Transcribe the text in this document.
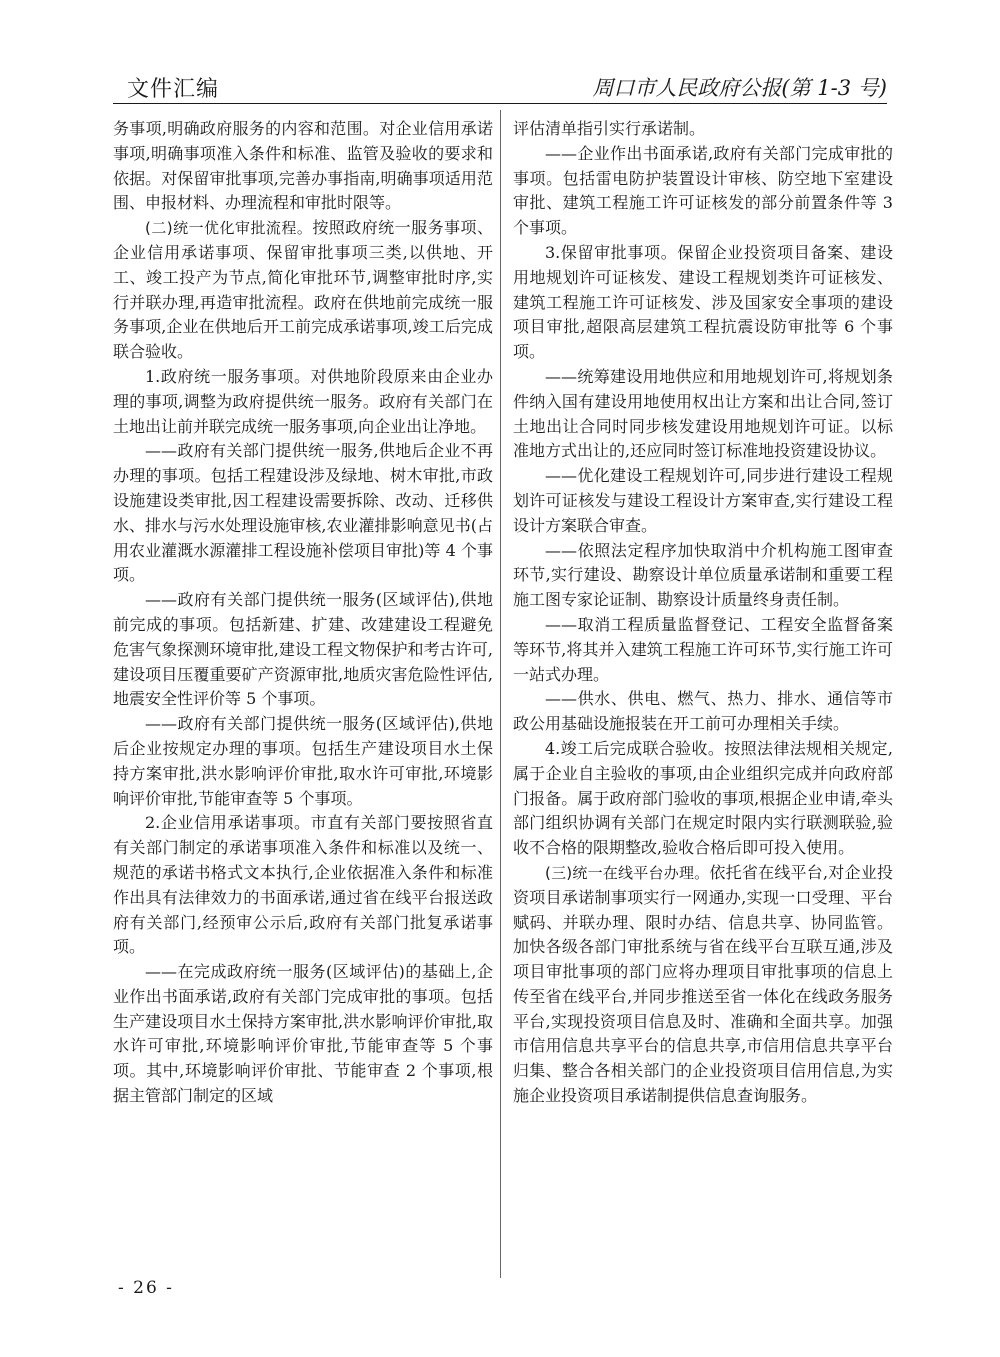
文件汇编	周口市人民政府公报(第 1-3 号)

务事项,明确政府服务的内容和范围。对企业信用承诺事项,明确事项准入条件和标准、监管及验收的要求和依据。对保留审批事项,完善办事指南,明确事项适用范围、申报材料、办理流程和审批时限等。

(二)统一优化审批流程。按照政府统一服务事项、企业信用承诺事项、保留审批事项三类,以供地、开工、竣工投产为节点,简化审批环节,调整审批时序,实行并联办理,再造审批流程。政府在供地前完成统一服务事项,企业在供地后开工前完成承诺事项,竣工后完成联合验收。

1.政府统一服务事项。对供地阶段原来由企业办理的事项,调整为政府提供统一服务。政府有关部门在土地出让前并联完成统一服务事项,向企业出让净地。

——政府有关部门提供统一服务,供地后企业不再办理的事项。包括工程建设涉及绿地、树木审批,市政设施建设类审批,因工程建设需要拆除、改动、迁移供水、排水与污水处理设施审核,农业灌排影响意见书(占用农业灌溉水源灌排工程设施补偿项目审批)等 4 个事项。

——政府有关部门提供统一服务(区域评估),供地前完成的事项。包括新建、扩建、改建建设工程避免危害气象探测环境审批,建设工程文物保护和考古许可,建设项目压覆重要矿产资源审批,地质灾害危险性评估,地震安全性评价等 5 个事项。

——政府有关部门提供统一服务(区域评估),供地后企业按规定办理的事项。包括生产建设项目水土保持方案审批,洪水影响评价审批,取水许可审批,环境影响评价审批,节能审查等 5 个事项。

2.企业信用承诺事项。市直有关部门要按照省直有关部门制定的承诺事项准入条件和标准以及统一、规范的承诺书格式文本执行,企业依据准入条件和标准作出具有法律效力的书面承诺,通过省在线平台报送政府有关部门,经预审公示后,政府有关部门批复承诺事项。

——在完成政府统一服务(区域评估)的基础上,企业作出书面承诺,政府有关部门完成审批的事项。包括生产建设项目水土保持方案审批,洪水影响评价审批,取水许可审批,环境影响评价审批,节能审查等 5 个事项。其中,环境影响评价审批、节能审查 2 个事项,根据主管部门制定的区域

评估清单指引实行承诺制。

——企业作出书面承诺,政府有关部门完成审批的事项。包括雷电防护装置设计审核、防空地下室建设审批、建筑工程施工许可证核发的部分前置条件等 3 个事项。

3.保留审批事项。保留企业投资项目备案、建设用地规划许可证核发、建设工程规划类许可证核发、建筑工程施工许可证核发、涉及国家安全事项的建设项目审批,超限高层建筑工程抗震设防审批等 6 个事项。

——统筹建设用地供应和用地规划许可,将规划条件纳入国有建设用地使用权出让方案和出让合同,签订土地出让合同时同步核发建设用地规划许可证。以标准地方式出让的,还应同时签订标准地投资建设协议。

——优化建设工程规划许可,同步进行建设工程规划许可证核发与建设工程设计方案审查,实行建设工程设计方案联合审查。

——依照法定程序加快取消中介机构施工图审查环节,实行建设、勘察设计单位质量承诺制和重要工程施工图专家论证制、勘察设计质量终身责任制。

——取消工程质量监督登记、工程安全监督备案等环节,将其并入建筑工程施工许可环节,实行施工许可一站式办理。

——供水、供电、燃气、热力、排水、通信等市政公用基础设施报装在开工前可办理相关手续。

4.竣工后完成联合验收。按照法律法规相关规定,属于企业自主验收的事项,由企业组织完成并向政府部门报备。属于政府部门验收的事项,根据企业申请,牵头部门组织协调有关部门在规定时限内实行联测联验,验收不合格的限期整改,验收合格后即可投入使用。

(三)统一在线平台办理。依托省在线平台,对企业投资项目承诺制事项实行一网通办,实现一口受理、平台赋码、并联办理、限时办结、信息共享、协同监管。加快各级各部门审批系统与省在线平台互联互通,涉及项目审批事项的部门应将办理项目审批事项的信息上传至省在线平台,并同步推送至省一体化在线政务服务平台,实现投资项目信息及时、准确和全面共享。加强市信用信息共享平台的信息共享,市信用信息共享平台归集、整合各相关部门的企业投资项目信用信息,为实施企业投资项目承诺制提供信息查询服务。

- 26 -
